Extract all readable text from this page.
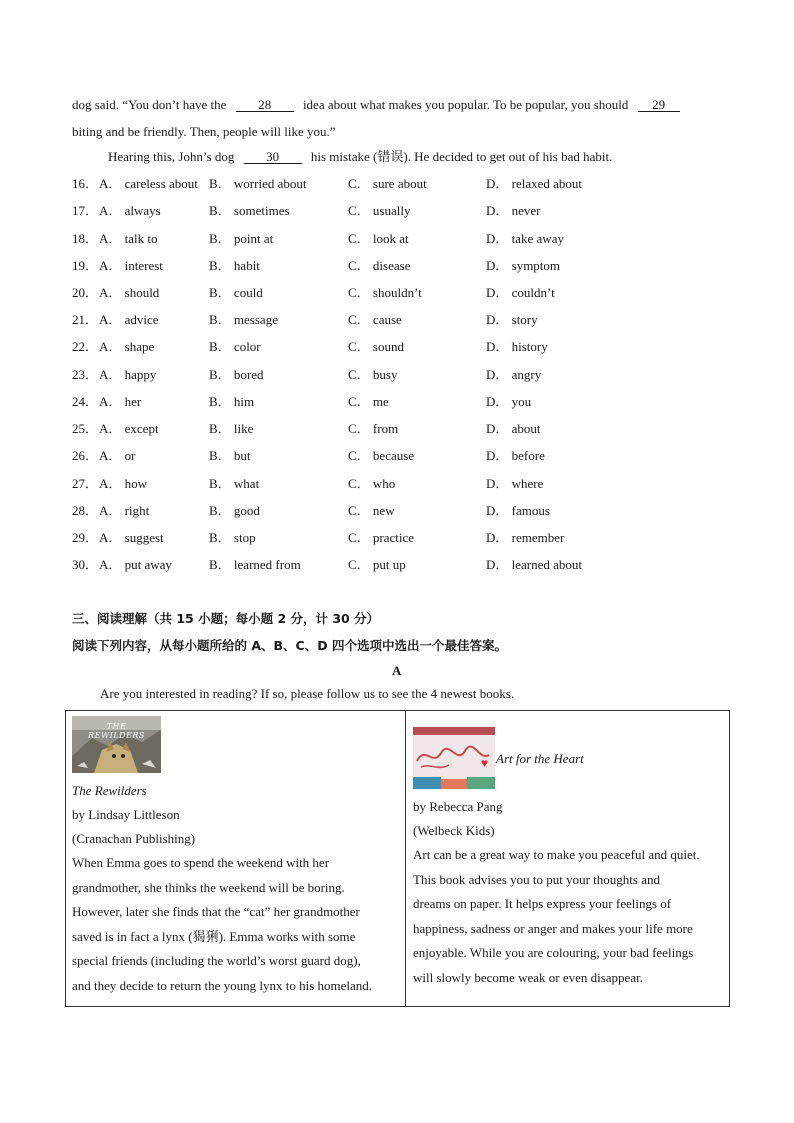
dog said. “You don’t have the 28 idea about what makes you popular. To be popular, you should 29
biting and be friendly. Then, people will like you.”
Hearing this, John’s dog 30 his mistake (错误). He decided to get out of his bad habit.
16． A． careless about B． worried about	C． sure about	D． relaxed about
17． A． always	B． sometimes	C． usually	D． never
18． A． talk to	B． point at	C． look at	D． take away
19． A． interest	B． habit	C． disease	D． symptom
20． A． should	B． could	C． shouldn’t	D． couldn’t
21． A． advice	B． message	C． cause	D． story
22． A． shape	B． color	C． sound	D． history
23． A． happy	B． bored	C． busy	D． angry
24． A． her	B． him	C． me	D． you
25． A． except	B． like	C． from	D． about
26． A． or	B． but	C． because	D． before
27． A． how	B． what	C． who	D． where
28． A． right	B． good	C． new	D． famous
29． A． suggest	B． stop	C． practice	D． remember
30． A． put away	B． learned from	C． put up	D． learned about
三、阅读理解（共 15 小题；每小题 2 分，计 30 分）
阅读下列内容，从每小题所给的 A、B、C、D 四个选项中选出一个最佳答案。
A
Are you interested in reading? If so, please follow us to see the 4 newest books.
THE REWILDERS
The Rewilders
by Lindsay Littleson
(Cranachan Publishing)
When Emma goes to spend the weekend with her
grandmother, she thinks the weekend will be boring.
However, later she finds that the “cat” her grandmother
saved is in fact a lynx (猲猁). Emma works with some
special friends (including the world’s worst guard dog),
and they decide to return the young lynx to his homeland.
♥ Art for the Heart
by Rebecca Pang
(Welbeck Kids)
Art can be a great way to make you peaceful and quiet.
This book advises you to put your thoughts and
dreams on paper. It helps express your feelings of
happiness, sadness or anger and makes your life more
enjoyable. While you are colouring, your bad feelings
will slowly become weak or even disappear.
